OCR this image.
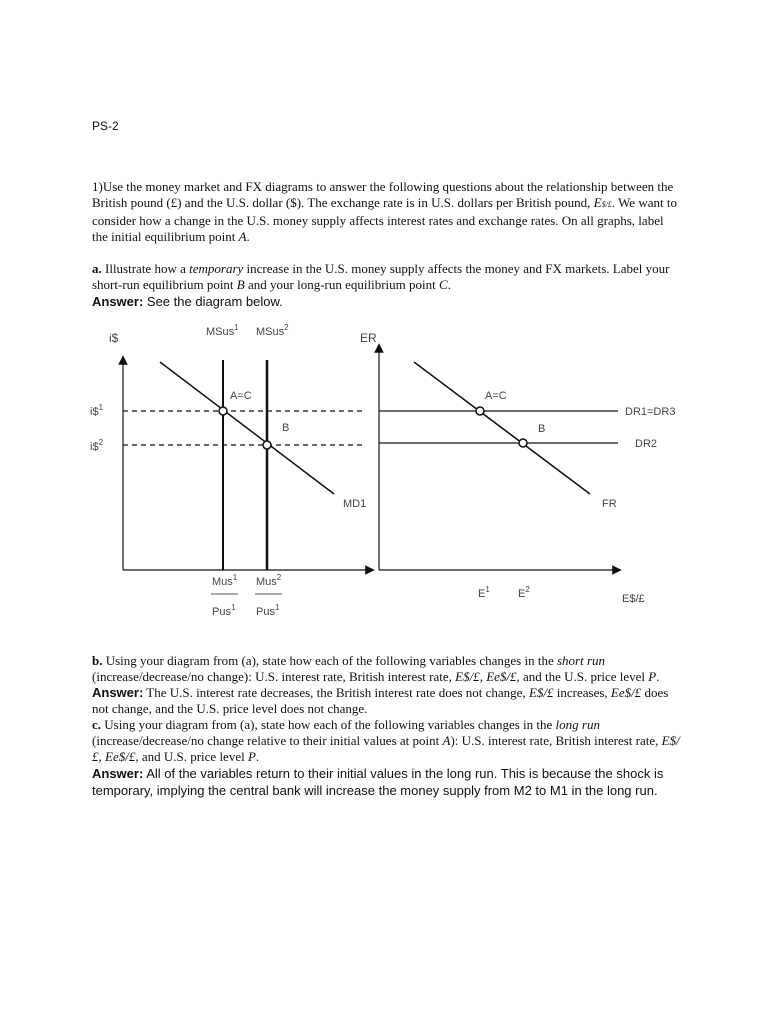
PS-2

1)Use the money market and FX diagrams to answer the following questions about the relationship between the British pound (£) and the U.S. dollar ($). The exchange rate is in U.S. dollars per British pound, E$/£. We want to consider how a change in the U.S. money supply affects interest rates and exchange rates. On all graphs, label the initial equilibrium point A.

a. Illustrate how a temporary increase in the U.S. money supply affects the money and FX markets. Label your short-run equilibrium point B and your long-run equilibrium point C.

Answer: See the diagram below.

i$	MSus$^1$ MSus$^2$
i\$$^1$
i\$$^2$
MD1
A=C
B
Mus$^1$ Mus$^2$
Pus$^1$ Pus$^1$
ER
DR1=DR3
DR2
FR
A=C
B
$E^1$	$E^2$
E$/£

b. Using your diagram from (a), state how each of the following variables changes in the short run (increase/decrease/no change): U.S. interest rate, British interest rate, E$/£, Ee$/£, and the U.S. price level P.

Answer: The U.S. interest rate decreases, the British interest rate does not change, E$/£ increases, Ee$/£ does not change, and the U.S. price level does not change.

c. Using your diagram from (a), state how each of the following variables changes in the long run (increase/decrease/no change relative to their initial values at point A): U.S. interest rate, British interest rate, E$/£, Ee$/£, and U.S. price level P.

Answer: All of the variables return to their initial values in the long run. This is because the shock is temporary, implying the central bank will increase the money supply from M2 to M1 in the long run.
